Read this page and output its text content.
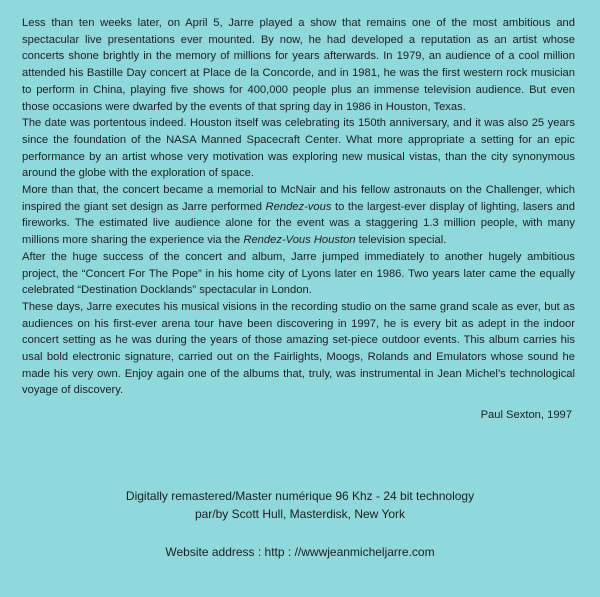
Less than ten weeks later, on April 5, Jarre played a show that remains one of the most ambitious and spectacular live presentations ever mounted. By now, he had developed a reputation as an artist whose concerts shone brightly in the memory of millions for years afterwards. In 1979, an audience of a cool million attended his Bastille Day concert at Place de la Concorde, and in 1981, he was the first western rock musician to perform in China, playing five shows for 400,000 people plus an immense television audience. But even those occasions were dwarfed by the events of that spring day in 1986 in Houston, Texas.

The date was portentous indeed. Houston itself was celebrating its 150th anniversary, and it was also 25 years since the foundation of the NASA Manned Spacecraft Center. What more appropriate a setting for an epic performance by an artist whose very motivation was exploring new musical vistas, than the city synonymous around the globe with the exploration of space.

More than that, the concert became a memorial to McNair and his fellow astronauts on the Challenger, which inspired the giant set design as Jarre performed Rendez-vous to the largest-ever display of lighting, lasers and fireworks. The estimated live audience alone for the event was a staggering 1.3 million people, with many millions more sharing the experience via the Rendez-Vous Houston television special.

After the huge success of the concert and album, Jarre jumped immediately to another hugely ambitious project, the “Concert For The Pope” in his home city of Lyons later en 1986. Two years later came the equally celebrated “Destination Docklands” spectacular in London.

These days, Jarre executes his musical visions in the recording studio on the same grand scale as ever, but as audiences on his first-ever arena tour have been discovering in 1997, he is every bit as adept in the indoor concert setting as he was during the years of those amazing set-piece outdoor events. This album carries his usal bold electronic signature, carried out on the Fairlights, Moogs, Rolands and Emulators whose sound he made his very own. Enjoy again one of the albums that, truly, was instrumental in Jean Michel’s technological voyage of discovery.

Paul Sexton, 1997
Digitally remastered/Master numérique 96 Khz - 24 bit technology
par/by Scott Hull, Masterdisk, New York
Website address : http : //wwwjeanmicheljarre.com
